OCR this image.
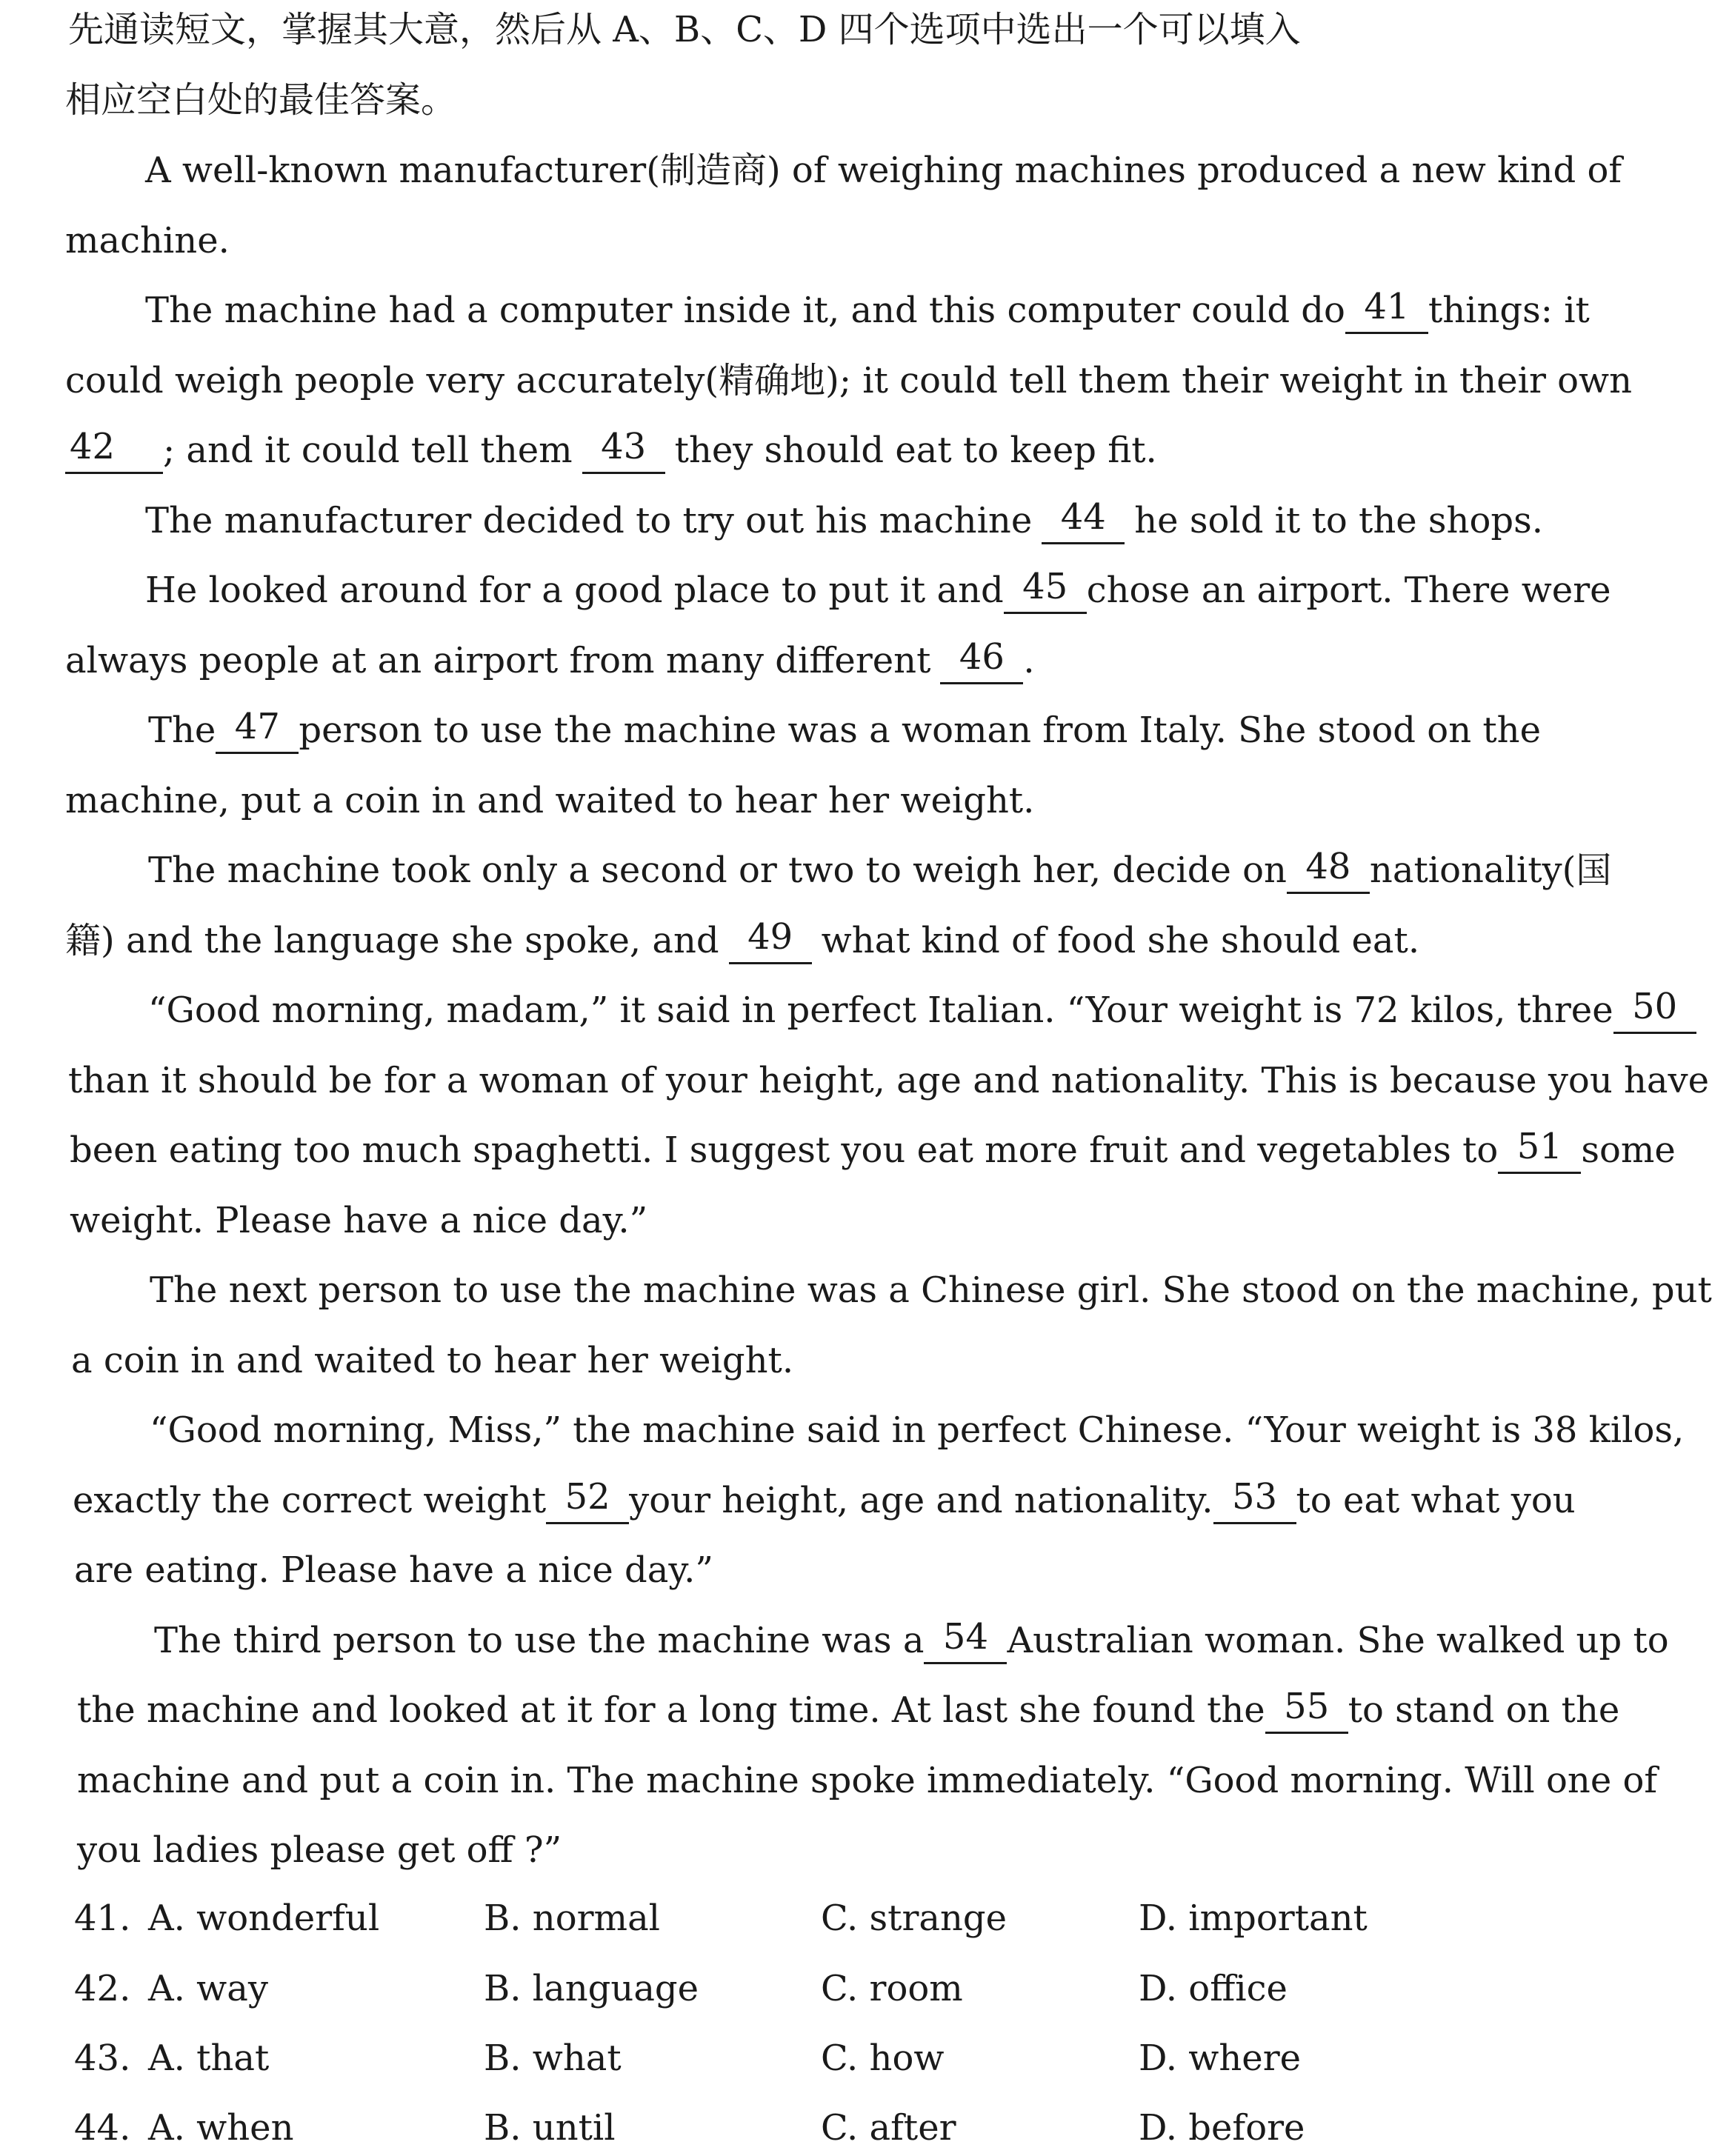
先通读短文，掌握其大意，然后从 A、B、C、D 四个选项中选出一个可以填入
相应空白处的最佳答案。
A well-known manufacturer(制造商) of weighing machines produced a new kind of
machine.
The machine had a computer inside it, and this computer could do 41 things: it
could weigh people very accurately(精确地); it could tell them their weight in their own
42	; and it could tell them 43 they should eat to keep fit.
The manufacturer decided to try out his machine 44 he sold it to the shops.
He looked around for a good place to put it and 45 chose an airport. There were
always people at an airport from many different 46 .
The 47 person to use the machine was a woman from Italy. She stood on the
machine, put a coin in and waited to hear her weight.
The machine took only a second or two to weigh her, decide on 48 nationality(国
籍) and the language she spoke, and 49 what kind of food she should eat.
“Good morning, madam,” it said in perfect Italian. “Your weight is 72 kilos, three 50
than it should be for a woman of your height, age and nationality. This is because you have
been eating too much spaghetti. I suggest you eat more fruit and vegetables to 51 some
weight. Please have a nice day.”
The next person to use the machine was a Chinese girl. She stood on the machine, put
a coin in and waited to hear her weight.
“Good morning, Miss,” the machine said in perfect Chinese. “Your weight is 38 kilos,
exactly the correct weight 52 your height, age and nationality. 53 to eat what you
are eating. Please have a nice day.”
The third person to use the machine was a 54 Australian woman. She walked up to
the machine and looked at it for a long time. At last she found the 55 to stand on the
machine and put a coin in. The machine spoke immediately. “Good morning. Will one of
you ladies please get off ?”
41. A. wonderful	B. normal	C. strange	D. important
42. A. way	B. language	C. room	D. office
43. A. that	B. what	C. how	D. where
44. A. when	B. until	C. after	D. before
